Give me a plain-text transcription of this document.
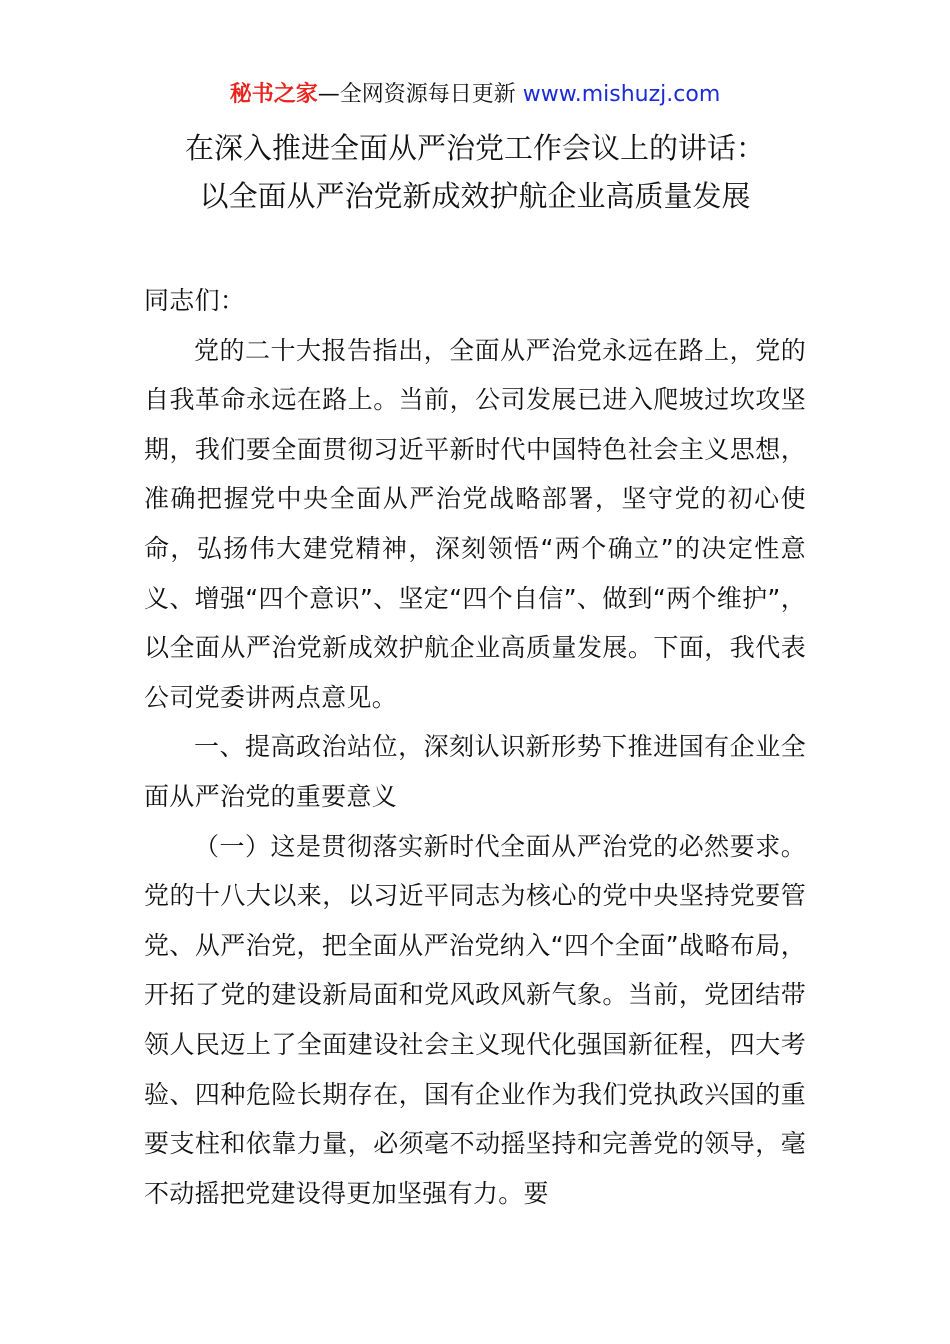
秘书之家—全网资源每日更新 www.mishuzj.com
在深入推进全面从严治党工作会议上的讲话：
以全面从严治党新成效护航企业高质量发展

同志们：

党的二十大报告指出，全面从严治党永远在路上，党的自我革命永远在路上。当前，公司发展已进入爬坡过坎攻坚期，我们要全面贯彻习近平新时代中国特色社会主义思想，准确把握党中央全面从严治党战略部署，坚守党的初心使命，弘扬伟大建党精神，深刻领悟“两个确立”的决定性意义、增强“四个意识”、坚定“四个自信”、做到“两个维护”，以全面从严治党新成效护航企业高质量发展。下面，我代表公司党委讲两点意见。

一、提高政治站位，深刻认识新形势下推进国有企业全面从严治党的重要意义

（一）这是贯彻落实新时代全面从严治党的必然要求。党的十八大以来，以习近平同志为核心的党中央坚持党要管党、从严治党，把全面从严治党纳入“四个全面”战略布局，开拓了党的建设新局面和党风政风新气象。当前，党团结带领人民迈上了全面建设社会主义现代化强国新征程，四大考验、四种危险长期存在，国有企业作为我们党执政兴国的重要支柱和依靠力量，必须毫不动摇坚持和完善党的领导，毫不动摇把党建设得更加坚强有力。要
